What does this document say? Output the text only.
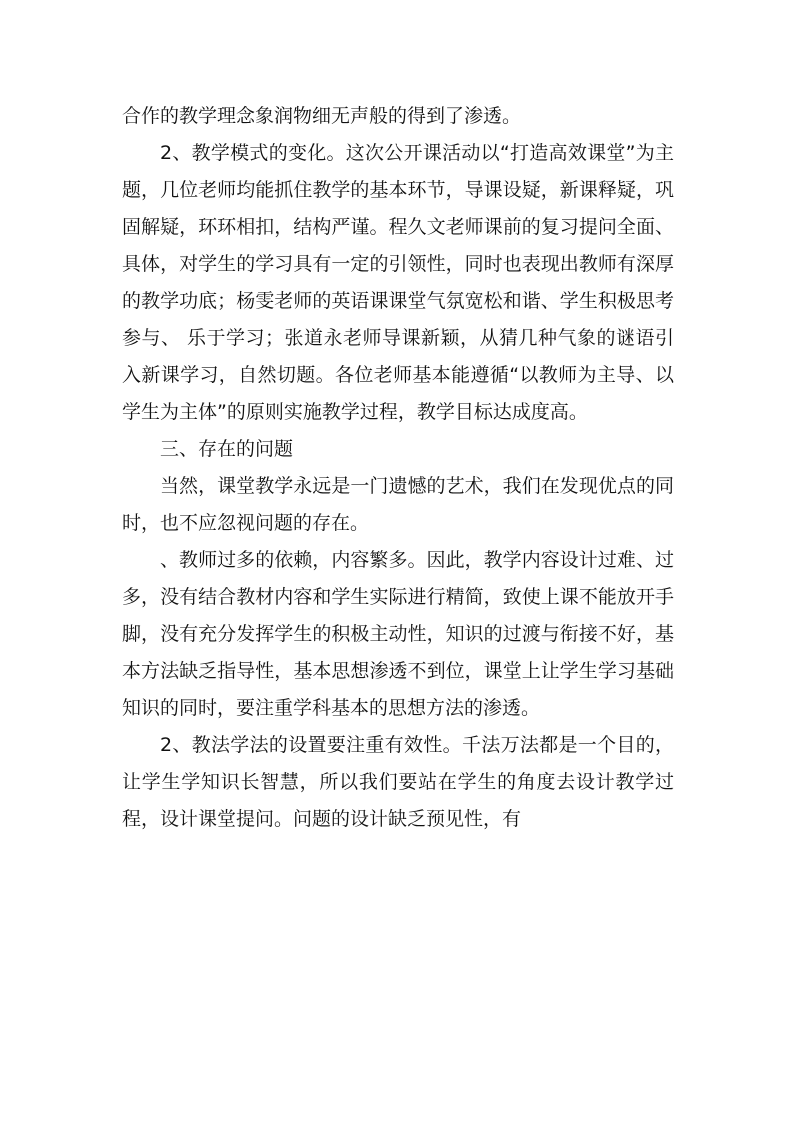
合作的教学理念象润物细无声般的得到了渗透。

2、教学模式的变化。这次公开课活动以“打造高效课堂”为主题，几位老师均能抓住教学的基本环节，导课设疑，新课释疑，巩固解疑，环环相扣，结构严谨。程久文老师课前的复习提问全面、具体，对学生的学习具有一定的引领性，同时也表现出教师有深厚的教学功底；杨雯老师的英语课课堂气氛宽松和谐、学生积极思考参与、 乐于学习；张道永老师导课新颖，从猜几种气象的谜语引入新课学习，自然切题。各位老师基本能遵循“以教师为主导、以学生为主体”的原则实施教学过程，教学目标达成度高。

三、存在的问题

当然，课堂教学永远是一门遗憾的艺术，我们在发现优点的同时，也不应忽视问题的存在。

、教师过多的依赖，内容繁多。因此，教学内容设计过难、过多，没有结合教材内容和学生实际进行精简，致使上课不能放开手脚，没有充分发挥学生的积极主动性，知识的过渡与衔接不好，基本方法缺乏指导性，基本思想渗透不到位，课堂上让学生学习基础知识的同时，要注重学科基本的思想方法的渗透。

2、教法学法的设置要注重有效性。千法万法都是一个目的，让学生学知识长智慧，所以我们要站在学生的角度去设计教学过程，设计课堂提问。问题的设计缺乏预见性，有
